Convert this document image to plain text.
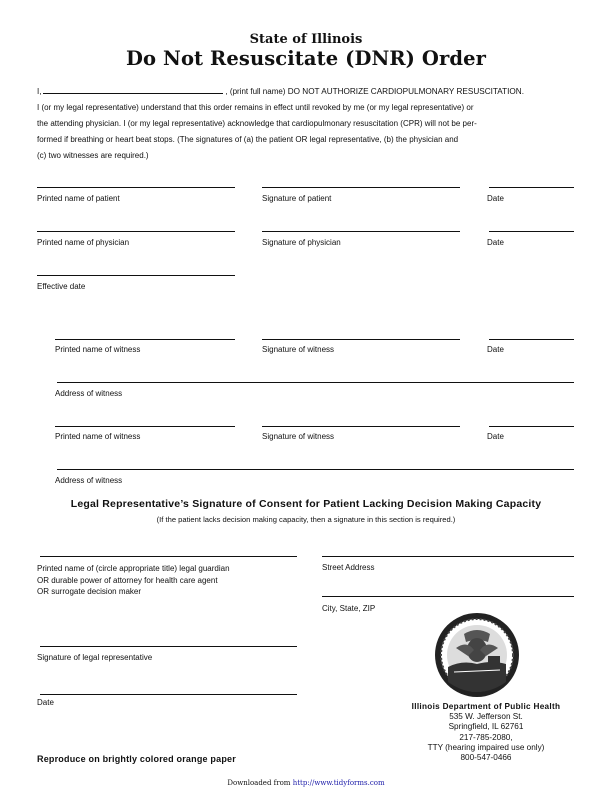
State of Illinois
Do Not Resuscitate (DNR) Order
I,	, (print full name) DO NOT AUTHORIZE CARDIOPULMONARY RESUSCITATION.
I (or my legal representative) understand that this order remains in effect until revoked by me (or my legal representative) or
the attending physician. I (or my legal representative) acknowledge that cardiopulmonary resuscitation (CPR) will not be per-
formed if breathing or heart beat stops. (The signatures of (a) the patient OR legal representative, (b) the physician and
(c) two witnesses are required.)
Printed name of patient	Signature of patient	Date
Printed name of physician	Signature of physician	Date
Effective date
Printed name of witness	Signature of witness	Date
Address of witness
Printed name of witness	Signature of witness	Date
Address of witness
Legal Representative’s Signature of Consent for Patient Lacking Decision Making Capacity
(If the patient lacks decision making capacity, then a signature in this section is required.)
Printed name of (circle appropriate title) legal guardian
OR durable power of attorney for health care agent
OR surrogate decision maker
Street Address
City, State, ZIP
Signature of legal representative
Date	Illinois Department of Public Health
535 W. Jefferson St.
Springfield, IL 62761
217-785-2080,
TTY (hearing impaired use only)
800-547-0466
Reproduce on brightly colored orange paper
Downloaded from http://www.tidyforms.com
